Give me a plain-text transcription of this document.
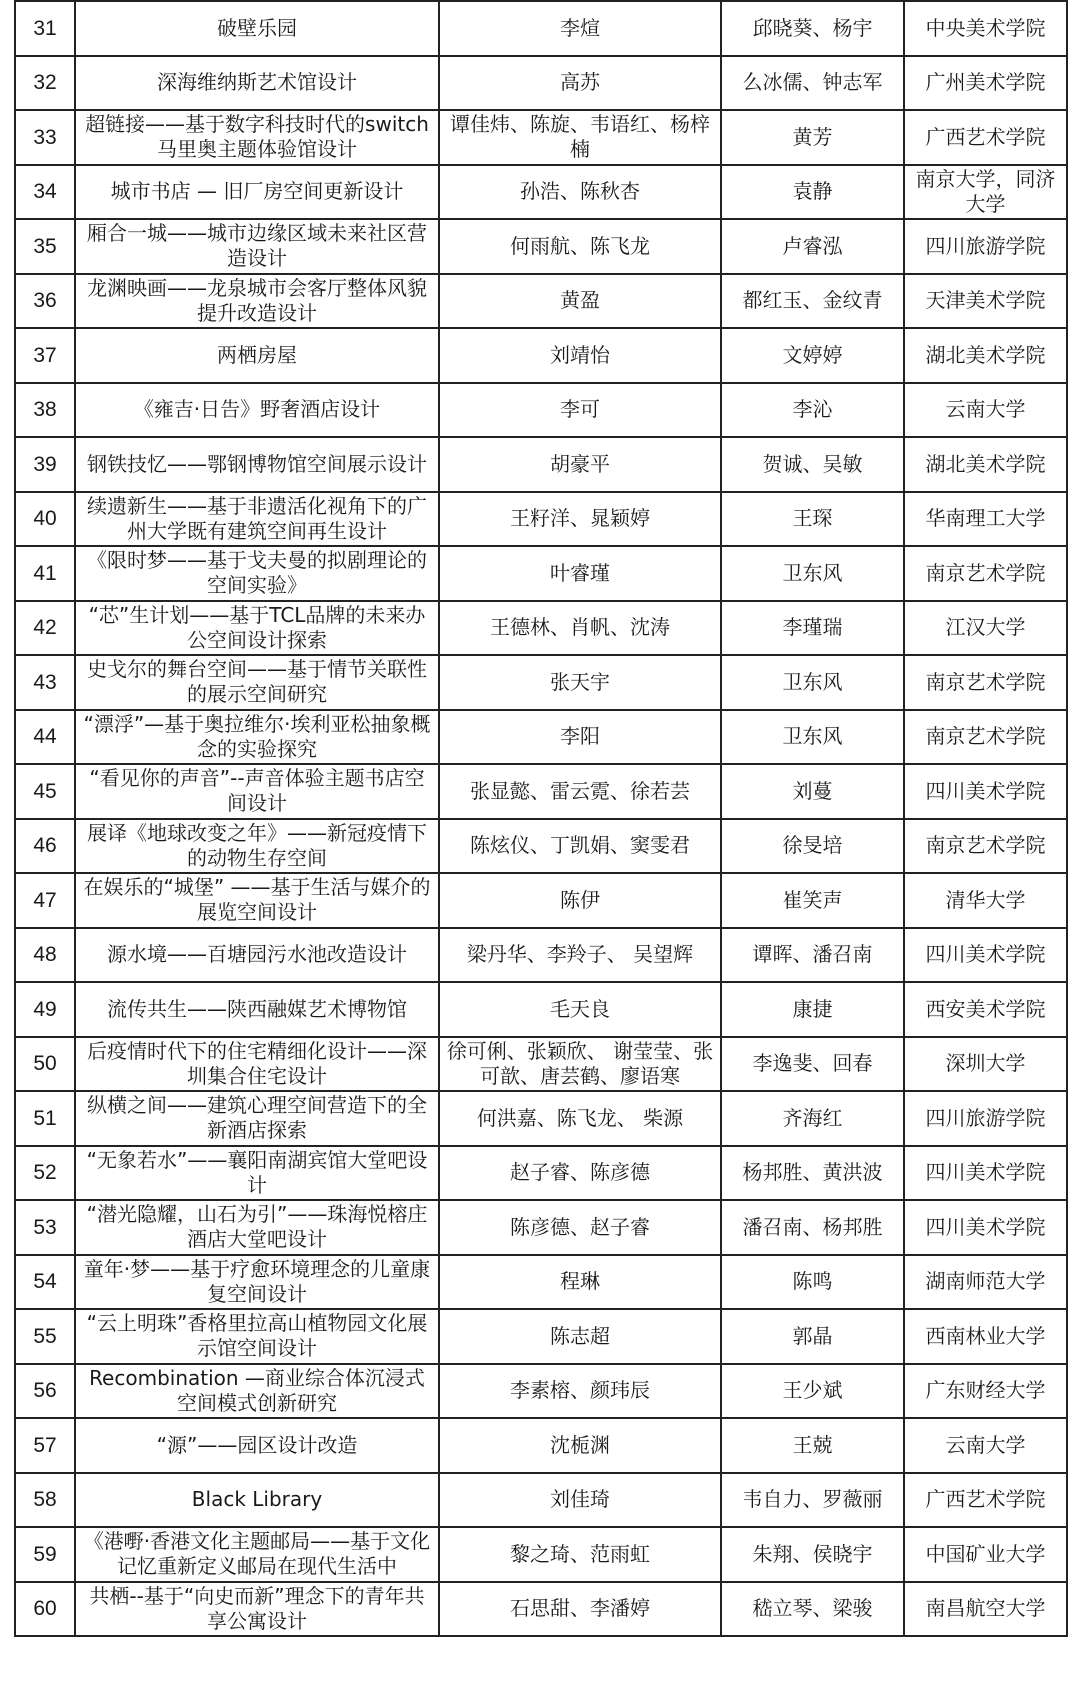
31	破壁乐园	李煊	邱晓葵、杨宇	中央美术学院
32	深海维纳斯艺术馆设计	高苏	么冰儒、钟志军	广州美术学院
33	超链接——基于数字科技时代的switch马里奥主题体验馆设计	谭佳炜、陈旋、韦语红、杨梓楠	黄芳	广西艺术学院
34	城市书店 — 旧厂房空间更新设计	孙浩、陈秋杏	袁静	南京大学，同济大学
35	厢合一城——城市边缘区域未来社区营造设计	何雨航、陈飞龙	卢睿泓	四川旅游学院
36	龙渊映画——龙泉城市会客厅整体风貌提升改造设计	黄盈	都红玉、金纹青	天津美术学院
37	两栖房屋	刘靖怡	文婷婷	湖北美术学院
38	《雍吉·日告》野奢酒店设计	李可	李沁	云南大学
39	钢铁技忆——鄂钢博物馆空间展示设计	胡豪平	贺诚、吴敏	湖北美术学院
40	续遗新生——基于非遗活化视角下的广州大学既有建筑空间再生设计	王籽洋、晁颖婷	王琛	华南理工大学
41	《限时梦——基于戈夫曼的拟剧理论的空间实验》	叶睿瑾	卫东风	南京艺术学院
42	“芯”生计划——基于TCL品牌的未来办公空间设计探索	王德林、肖帆、沈涛	李瑾瑞	江汉大学
43	史戈尔的舞台空间——基于情节关联性的展示空间研究	张天宇	卫东风	南京艺术学院
44	“漂浮”—基于奥拉维尔·埃利亚松抽象概念的实验探究	李阳	卫东风	南京艺术学院
45	“看见你的声音”--声音体验主题书店空间设计	张显懿、雷云霓、徐若芸	刘蔓	四川美术学院
46	展译《地球改变之年》——新冠疫情下的动物生存空间	陈炫仪、丁凯娟、窦雯君	徐旻培	南京艺术学院
47	在娱乐的“城堡” ——基于生活与媒介的展览空间设计	陈伊	崔笑声	清华大学
48	源水境——百塘园污水池改造设计	梁丹华、李羚子、 吴望辉	谭晖、潘召南	四川美术学院
49	流传共生——陕西融媒艺术博物馆	毛天良	康捷	西安美术学院
50	后疫情时代下的住宅精细化设计——深圳集合住宅设计	徐可俐、张颖欣、 谢莹莹、张可歆、唐芸鹤、廖语寒	李逸斐、回春	深圳大学
51	纵横之间——建筑心理空间营造下的全新酒店探索	何洪嘉、陈飞龙、 柴源	齐海红	四川旅游学院
52	“无象若水”——襄阳南湖宾馆大堂吧设计	赵子睿、陈彦德	杨邦胜、黄洪波	四川美术学院
53	“潜光隐耀，山石为引”——珠海悦榕庄酒店大堂吧设计	陈彦德、赵子睿	潘召南、杨邦胜	四川美术学院
54	童年·梦——基于疗愈环境理念的儿童康复空间设计	程琳	陈鸣	湖南师范大学
55	“云上明珠”香格里拉高山植物园文化展示馆空间设计	陈志超	郭晶	西南林业大学
56	Recombination —商业综合体沉浸式空间模式创新研究	李素榕、颜玮辰	王少斌	广东财经大学
57	“源”——园区设计改造	沈栀渊	王兢	云南大学
58	Black Library	刘佳琦	韦自力、罗薇丽	广西艺术学院
59	《港嘢·香港文化主题邮局——基于文化记忆重新定义邮局在现代生活中	黎之琦、范雨虹	朱翔、侯晓宇	中国矿业大学
60	共栖--基于“向史而新”理念下的青年共享公寓设计	石思甜、李潘婷	嵇立琴、梁骏	南昌航空大学
